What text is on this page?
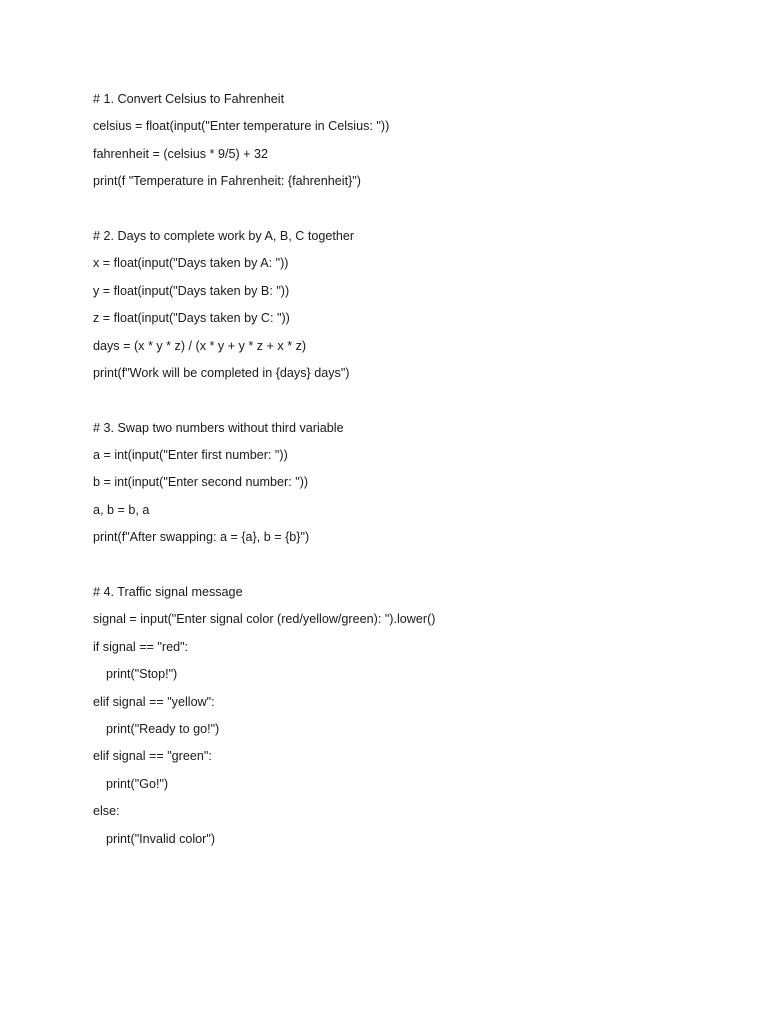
# 1. Convert Celsius to Fahrenheit
celsius = float(input("Enter temperature in Celsius: "))
fahrenheit = (celsius * 9/5) + 32
print(f "Temperature in Fahrenheit: {fahrenheit}")
# 2. Days to complete work by A, B, C together
x = float(input("Days taken by A: "))
y = float(input("Days taken by B: "))
z = float(input("Days taken by C: "))
days = (x * y * z) / (x * y + y * z + x * z)
print(f"Work will be completed in {days} days")
# 3. Swap two numbers without third variable
a = int(input("Enter first number: "))
b = int(input("Enter second number: "))
a, b = b, a
print(f"After swapping: a = {a}, b = {b}")
# 4. Traffic signal message
signal = input("Enter signal color (red/yellow/green): ").lower()
if signal == "red":
print("Stop!")
elif signal == "yellow":
print("Ready to go!")
elif signal == "green":
print("Go!")
else:
print("Invalid color")
